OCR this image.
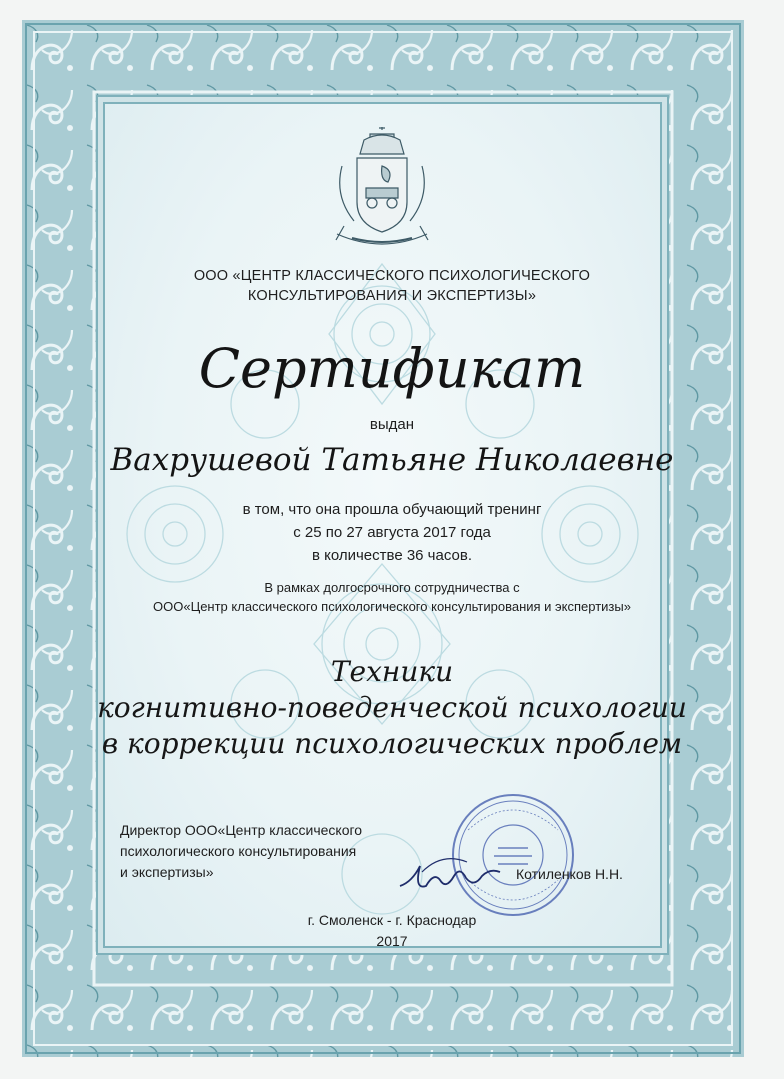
ООО «ЦЕНТР КЛАССИЧЕСКОГО ПСИХОЛОГИЧЕСКОГО
КОНСУЛЬТИРОВАНИЯ И ЭКСПЕРТИЗЫ»
Сертификат
выдан
Вахрушевой Татьяне Николаевне
в том, что она прошла обучающий тренинг
с 25 по 27 августа 2017 года
в количестве 36 часов.
В рамках долгосрочного сотрудничества с
ООО«Центр классического психологического консультирования и экспертизы»
Техники
когнитивно-поведенческой психологии
в коррекции психологических проблем
Директор ООО«Центр классического
психологического консультирования
и экспертизы»	Котиленков Н.Н.
г. Смоленск - г. Краснодар
2017
